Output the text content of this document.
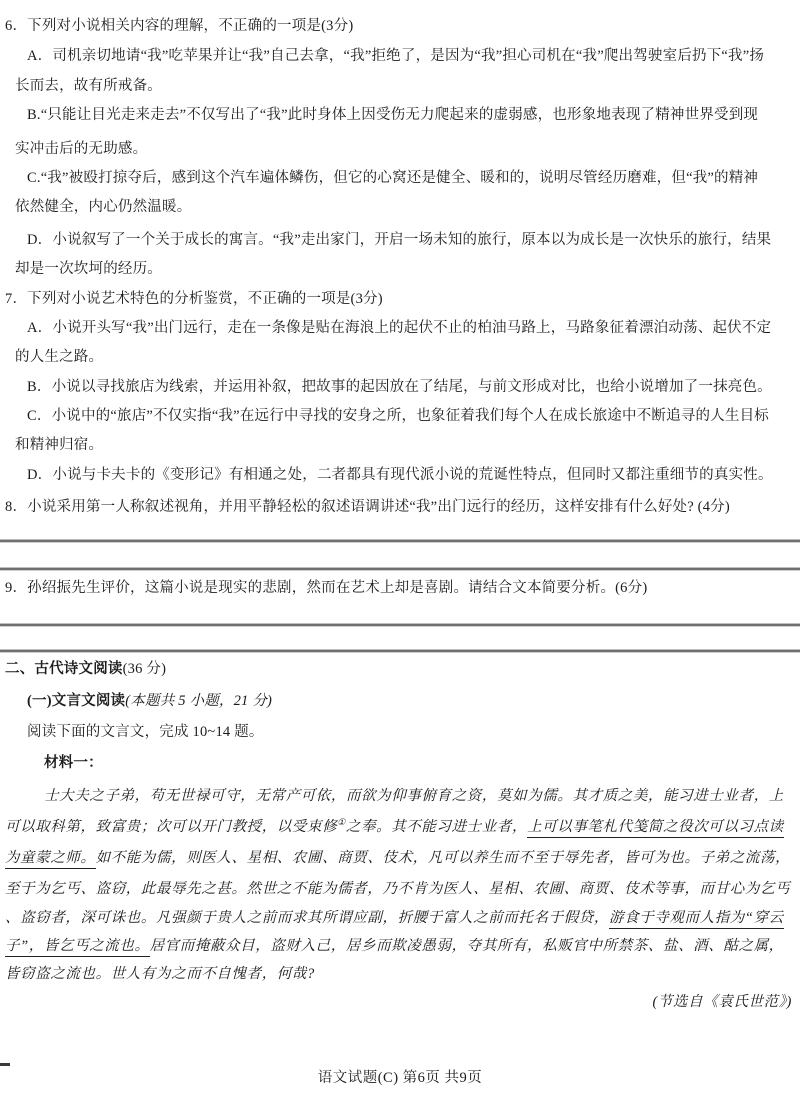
6．下列对小说相关内容的理解，不正确的一项是(3分)
A．司机亲切地请“我”吃苹果并让“我”自己去拿，“我”拒绝了，是因为“我”担心司机在“我”爬出驾驶室后扔下“我”扬
长而去，故有所戒备。
B.“只能让目光走来走去”不仅写出了“我”此时身体上因受伤无力爬起来的虚弱感，也形象地表现了精神世界受到现
实冲击后的无助感。
C.“我”被殴打掠夺后，感到这个汽车遍体鳞伤，但它的心窝还是健全、暖和的，说明尽管经历磨难，但“我”的精神
依然健全，内心仍然温暖。
D．小说叙写了一个关于成长的寓言。“我”走出家门，开启一场未知的旅行，原本以为成长是一次快乐的旅行，结果
却是一次坎坷的经历。
7．下列对小说艺术特色的分析鉴赏，不正确的一项是(3分)
A．小说开头写“我”出门远行，走在一条像是贴在海浪上的起伏不止的柏油马路上，马路象征着漂泊动荡、起伏不定
的人生之路。
B．小说以寻找旅店为线索，并运用补叙，把故事的起因放在了结尾，与前文形成对比，也给小说增加了一抹亮色。
C．小说中的“旅店”不仅实指“我”在远行中寻找的安身之所，也象征着我们每个人在成长旅途中不断追寻的人生目标
和精神归宿。
D．小说与卡夫卡的《变形记》有相通之处，二者都具有现代派小说的荒诞性特点，但同时又都注重细节的真实性。
8．小说采用第一人称叙述视角，并用平静轻松的叙述语调讲述“我”出门远行的经历，这样安排有什么好处? (4分)
9．孙绍振先生评价，这篇小说是现实的悲剧，然而在艺术上却是喜剧。请结合文本简要分析。(6分)
二、古代诗文阅读(36 分)
(一)文言文阅读(本题共 5 小题，21 分)
阅读下面的文言文，完成 10~14 题。
材料一：
士大夫之子弟，苟无世禄可守，无常产可依，而欲为仰事俯育之资，莫如为儒。其才质之美，能习进士业者，上
可以取科第，致富贵；次可以开门教授，以受束修①之奉。其不能习进士业者，上可以事笔札代笺简之役次可以习点读
为童蒙之师。如不能为儒，则医人、星相、农圃、商贾、伎术，凡可以养生而不至于辱先者，皆可为也。子弟之流荡，
至于为乞丐、盗窃，此最辱先之甚。然世之不能为儒者，乃不肯为医人、星相、农圃、商贾、伎术等事，而甘心为乞丐
、盗窃者，深可诛也。凡强颜于贵人之前而求其所谓应副，折腰于富人之前而托名于假贷，游食于寺观而人指为“穿云
子”，皆乞丐之流也。居官而掩蔽众目，盗财入己，居乡而欺凌愚弱，夺其所有，私贩官中所禁茶、盐、酒、酤之属，
皆窃盗之流也。世人有为之而不自愧者，何哉?
(节选自《袁氏世范》)
语文试题(C) 第6页 共9页
